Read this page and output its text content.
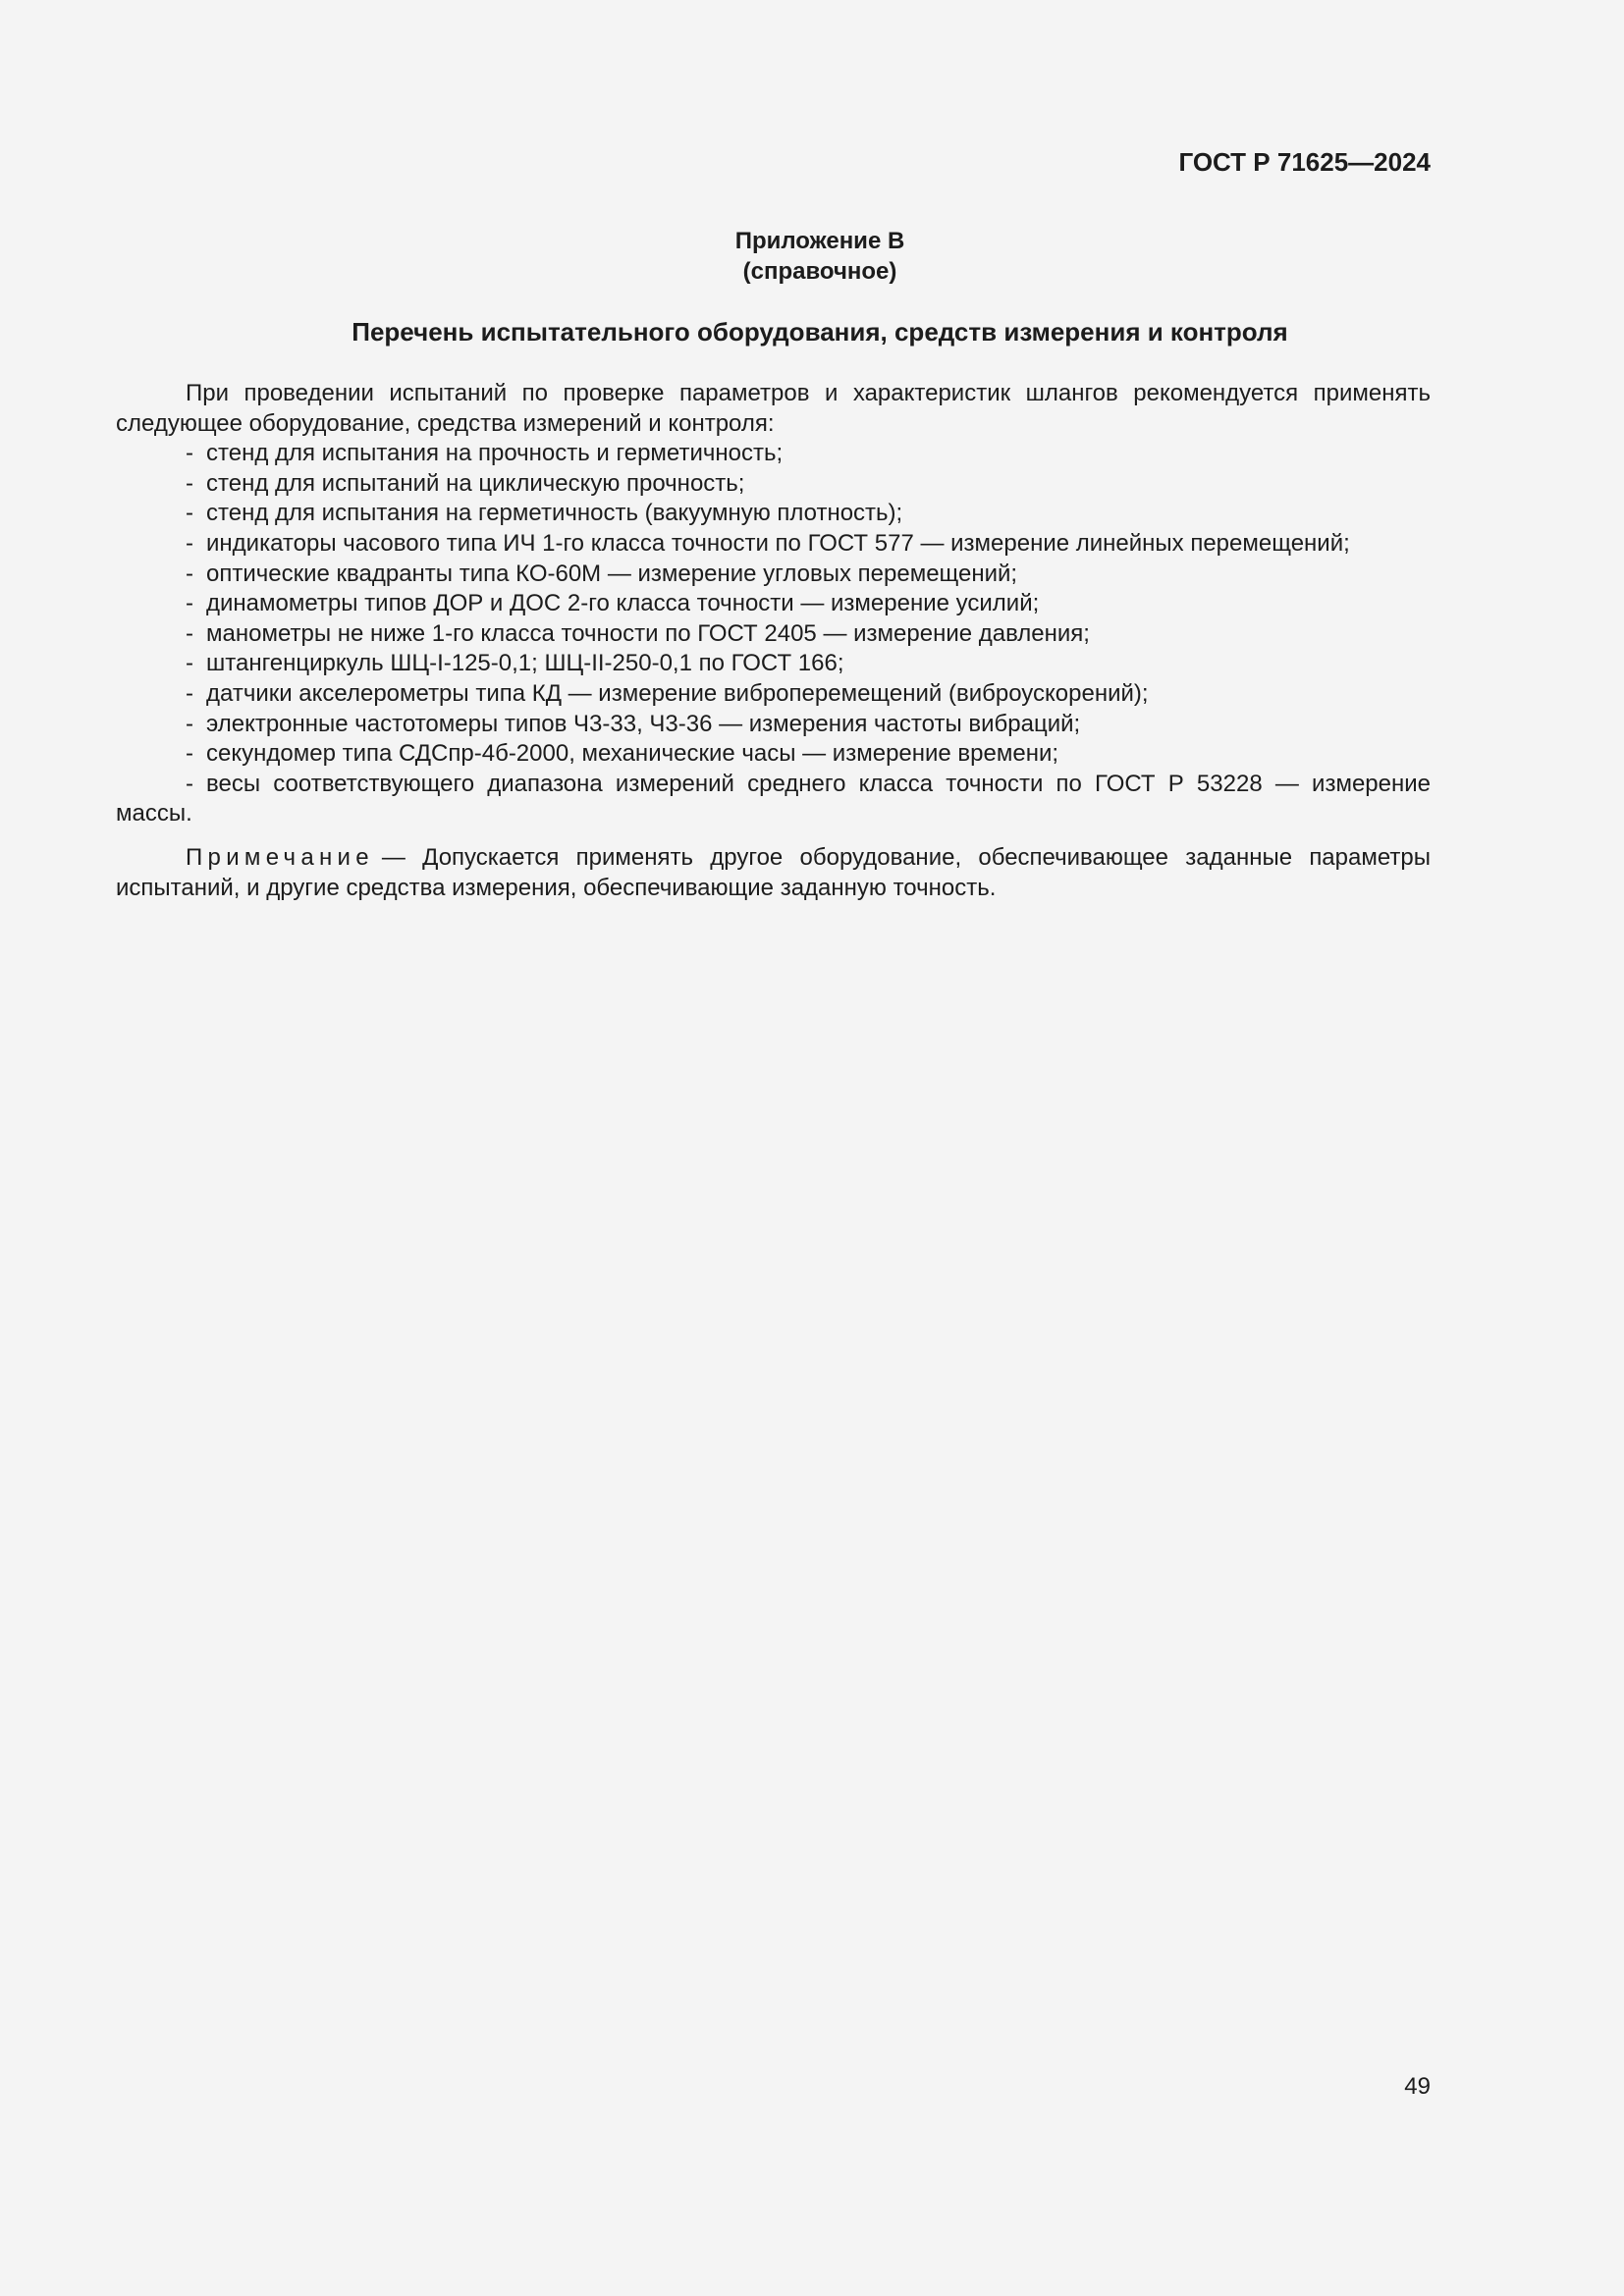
ГОСТ Р 71625—2024
Приложение В
(справочное)
Перечень испытательного оборудования, средств измерения и контроля

При проведении испытаний по проверке параметров и характеристик шлангов рекомендуется применять следующее оборудование, средства измерений и контроля:

- стенд для испытания на прочность и герметичность;
- стенд для испытаний на циклическую прочность;
- стенд для испытания на герметичность (вакуумную плотность);
- индикаторы часового типа ИЧ 1-го класса точности по ГОСТ 577 — измерение линейных перемещений;
- оптические квадранты типа КО-60М — измерение угловых перемещений;
- динамометры типов ДОР и ДОС 2-го класса точности — измерение усилий;
- манометры не ниже 1-го класса точности по ГОСТ 2405 — измерение давления;
- штангенциркуль ШЦ-I-125-0,1; ШЦ-II-250-0,1 по ГОСТ 166;
- датчики акселерометры типа КД — измерение виброперемещений (виброускорений);
- электронные частотомеры типов Ч3-33, Ч3-36 — измерения частоты вибраций;
- секундомер типа СДСпр-4б-2000, механические часы — измерение времени;
- весы соответствующего диапазона измерений среднего класса точности по ГОСТ Р 53228 — измерение массы.

Примечание — Допускается применять другое оборудование, обеспечивающее заданные параметры испытаний, и другие средства измерения, обеспечивающие заданную точность.

49
